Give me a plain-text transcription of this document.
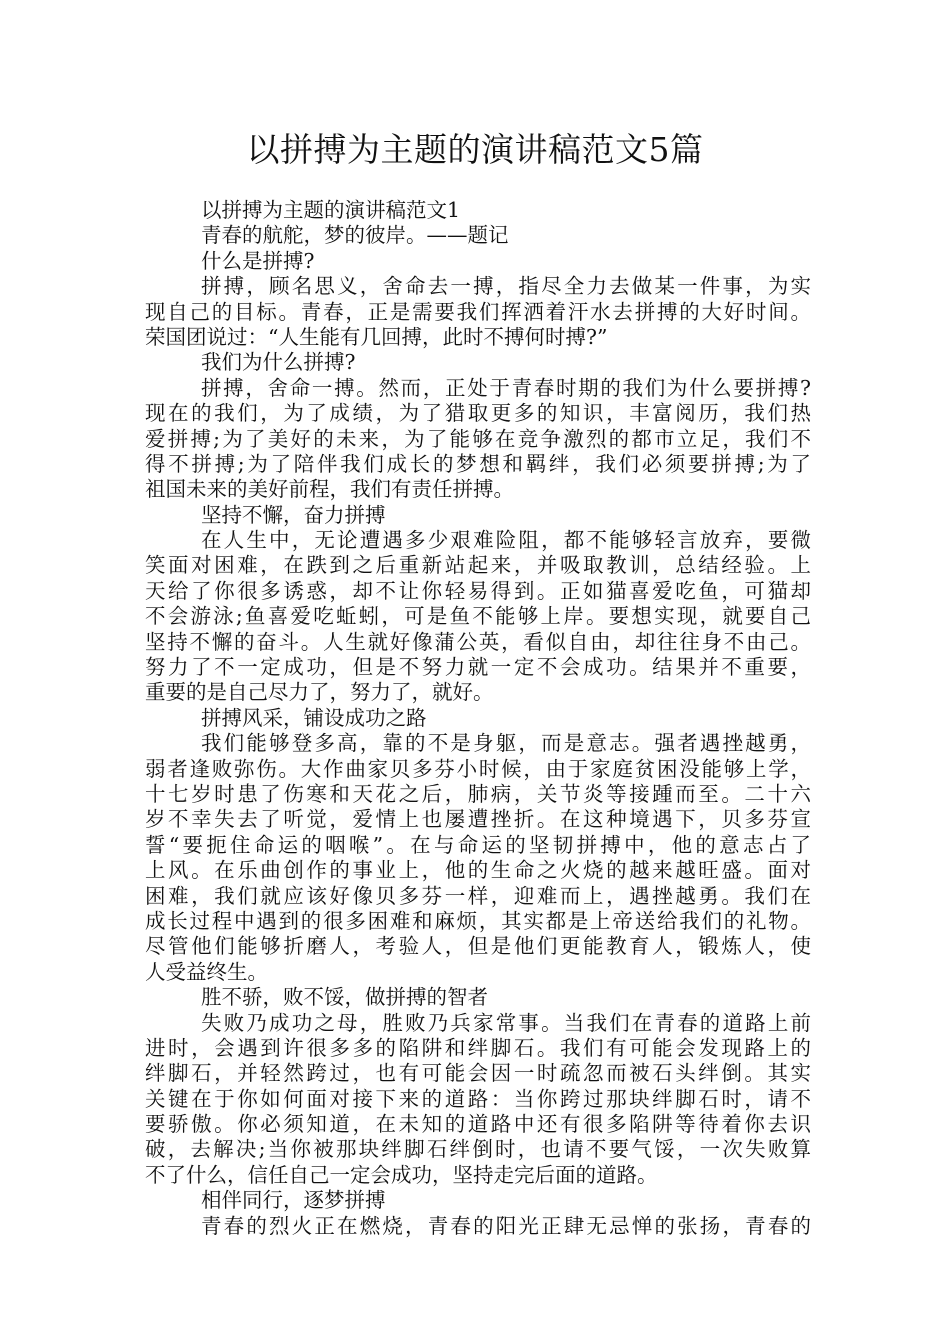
以拼搏为主题的演讲稿范文5篇
以拼搏为主题的演讲稿范文1
青春的航舵，梦的彼岸。——题记
什么是拼搏?
拼搏，顾名思义，舍命去一搏，指尽全力去做某一件事，为实
现自己的目标。青春，正是需要我们挥洒着汗水去拼搏的大好时间。
荣国团说过：“人生能有几回搏，此时不搏何时搏?”
我们为什么拼搏?
拼搏，舍命一搏。然而，正处于青春时期的我们为什么要拼搏?
现在的我们，为了成绩，为了猎取更多的知识，丰富阅历，我们热
爱拼搏;为了美好的未来，为了能够在竞争激烈的都市立足，我们不
得不拼搏;为了陪伴我们成长的梦想和羁绊，我们必须要拼搏;为了
祖国未来的美好前程，我们有责任拼搏。
坚持不懈，奋力拼搏
在人生中，无论遭遇多少艰难险阻，都不能够轻言放弃，要微
笑面对困难，在跌到之后重新站起来，并吸取教训，总结经验。上
天给了你很多诱惑，却不让你轻易得到。正如猫喜爱吃鱼，可猫却
不会游泳;鱼喜爱吃蚯蚓，可是鱼不能够上岸。要想实现，就要自己
坚持不懈的奋斗。人生就好像蒲公英，看似自由，却往往身不由己。
努力了不一定成功，但是不努力就一定不会成功。结果并不重要，
重要的是自己尽力了，努力了，就好。
拼搏风采，铺设成功之路
我们能够登多高，靠的不是身躯，而是意志。强者遇挫越勇，
弱者逢败弥伤。大作曲家贝多芬小时候，由于家庭贫困没能够上学，
十七岁时患了伤寒和天花之后，肺病，关节炎等接踵而至。二十六
岁不幸失去了听觉，爱情上也屡遭挫折。在这种境遇下，贝多芬宣
誓“要扼住命运的咽喉”。在与命运的坚韧拼搏中，他的意志占了
上风。在乐曲创作的事业上，他的生命之火烧的越来越旺盛。面对
困难，我们就应该好像贝多芬一样，迎难而上，遇挫越勇。我们在
成长过程中遇到的很多困难和麻烦，其实都是上帝送给我们的礼物。
尽管他们能够折磨人，考验人，但是他们更能教育人，锻炼人，使
人受益终生。
胜不骄，败不馁，做拼搏的智者
失败乃成功之母，胜败乃兵家常事。当我们在青春的道路上前
进时，会遇到许很多多的陷阱和绊脚石。我们有可能会发现路上的
绊脚石，并轻然跨过，也有可能会因一时疏忽而被石头绊倒。其实
关键在于你如何面对接下来的道路：当你跨过那块绊脚石时，请不
要骄傲。你必须知道，在未知的道路中还有很多陷阱等待着你去识
破，去解决;当你被那块绊脚石绊倒时，也请不要气馁，一次失败算
不了什么，信任自己一定会成功，坚持走完后面的道路。
相伴同行，逐梦拼搏
青春的烈火正在燃烧，青春的阳光正肆无忌惮的张扬，青春的
